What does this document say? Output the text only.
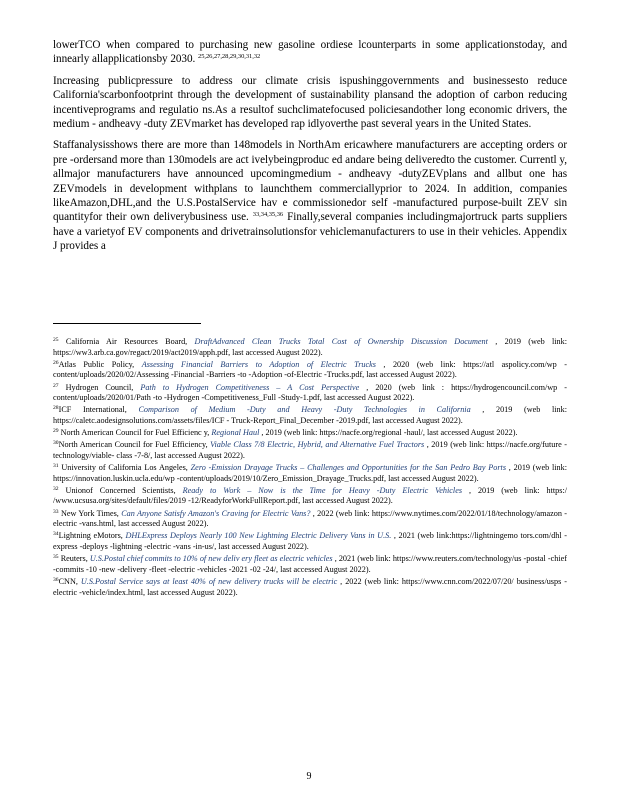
lowerTCO when compared to purchasing new gasoline ordiese lcounterparts in some applicationstoday, and innearly allapplicationsby 2030. $^{25,26,27,28,29,30,31,32}$

Increasing publicpressure to address our climate crisis ispushinggovernments and businessesto reduce California'scarbonfootprint through the development of sustainability plansand the adoption of carbon reducing incentiveprograms and regulatio ns.As a resultof suchclimatefocused policiesandother long economic drivers, the medium - andheavy -duty ZEVmarket has developed rap idlyoverthe past several years in the United States.

Staffanalysisshows there are more than 148models in NorthAm ericawhere manufacturers are accepting orders or pre -ordersand more than 130models are act ivelybeingproduc ed andare being deliveredto the customer. Currentl y, allmajor manufacturers have announced upcomingmedium - andheavy -dutyZEVplans and allbut one has ZEVmodels in development withplans to launchthem commerciallyprior to 2024. In addition, companies likeAmazon,DHL,and the U.S.PostalService hav e commissionedor self -manufactured purpose-built ZEV sin quantityfor their own deliverybusiness use. $^{33,34,35,36}$ Finally,several companies includingmajortruck parts suppliers have a varietyof EV components and drivetrainsolutionsfor vehiclemanufacturers to use in their vehicles. Appendix J provides a

$^{25}$ California Air Resources Board, DraftAdvanced Clean Trucks Total Cost of Ownership Discussion Document , 2019 (web link: https://ww3.arb.ca.gov/regact/2019/act2019/apph.pdf, last accessed August 2022).

$^{26}$Atlas Public Policy, Assessing Financial Barriers to Adoption of Electric Trucks , 2020 (web link: https://atl aspolicy.com/wp -content/uploads/2020/02/Assessing -Financial -Barriers -to -Adoption -of-Electric -Trucks.pdf, last accessed August 2022).

$^{27}$ Hydrogen Council, Path to Hydrogen Competitiveness – A Cost Perspective , 2020 (web link : https://hydrogencouncil.com/wp -content/uploads/2020/01/Path -to -Hydrogen -Competitiveness_Full -Study-1.pdf, last accessed August 2022).

$^{28}$ICF International, Comparison of Medium -Duty and Heavy -Duty Technologies in California , 2019 (web link: https://caletc.aodesignsolutions.com/assets/files/ICF - Truck-Report_Final_December -2019.pdf, last accessed August 2022).

$^{29}$ North American Council for Fuel Efficienc y, Regional Haul , 2019 (web link: https://nacfe.org/regional -haul/, last accessed August 2022).

$^{30}$North American Council for Fuel Efficiency, Viable Class 7/8 Electric, Hybrid, and Alternative Fuel Tractors , 2019 (web link: https://nacfe.org/future -technology/viable- class -7-8/, last accessed August 2022).

$^{31}$ University of California Los Angeles, Zero -Emission Drayage Trucks – Challenges and Opportunities for the San Pedro Bay Ports , 2019 (web link: https://innovation.luskin.ucla.edu/wp -content/uploads/2019/10/Zero_Emission_Drayage_Trucks.pdf, last accessed August 2022).

$^{32}$ Unionof Concerned Scientists, Ready to Work – Now is the Time for Heavy -Duty Electric Vehicles , 2019 (web link: https:/ /www.ucsusa.org/sites/default/files/2019 -12/ReadyforWorkFullReport.pdf, last accessed August 2022).

$^{33}$ New York Times, Can Anyone Satisfy Amazon's Craving for Electric Vans? , 2022 (web link: https://www.nytimes.com/2022/01/18/technology/amazon -electric -vans.html, last accessed August 2022).

$^{34}$Lightning eMotors, DHLExpress Deploys Nearly 100 New Lightning Electric Delivery Vans in U.S. , 2021 (web link:https://lightningemo tors.com/dhl -express -deploys -lightning -electric -vans -in-us/, last accessed August 2022).

$^{35}$ Reuters, U.S.Postal chief commits to 10% of new deliv ery fleet as electric vehicles , 2021 (web link: https://www.reuters.com/technology/us -postal -chief -commits -10 -new -delivery -fleet -electric -vehicles -2021 -02 -24/, last accessed August 2022).

$^{36}$CNN, U.S.Postal Service says at least 40% of new delivery trucks will be electric , 2022 (web link: https://www.cnn.com/2022/07/20/ business/usps -electric -vehicle/index.html, last accessed August 2022).

9
